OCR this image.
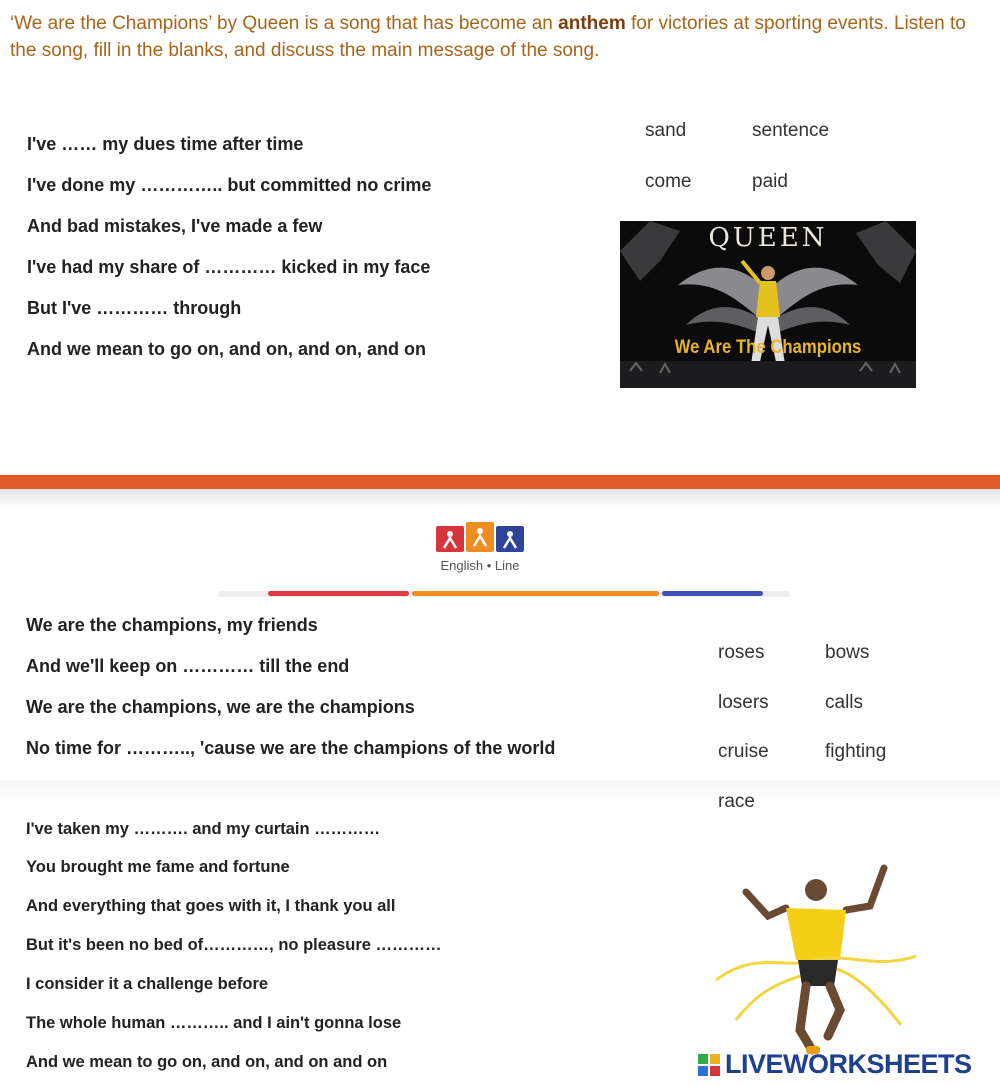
‘We are the Champions’ by Queen is a song that has become an anthem for victories at sporting events. Listen to the song, fill in the blanks, and discuss the main message of the song.

I've …… my dues time after time
I've done my ………….. but committed no crime
And bad mistakes, I've made a few
I've had my share of ………… kicked in my face
But I've ………… through
And we mean to go on, and on, and on, and on
sand	sentence
come	paid
QUEEN
We Are The Champions
English • Line
We are the champions, my friends
And we'll keep on ………… till the end
We are the champions, we are the champions
No time for ……….., 'cause we are the champions of the world
roses	bows
losers	calls
cruise	fighting
race
I've taken my ………. and my curtain …………
You brought me fame and fortune
And everything that goes with it, I thank you all
But it's been no bed of…………, no pleasure …………
I consider it a challenge before
The whole human ……….. and I ain't gonna lose
And we mean to go on, and on, and on and on	LIVEWORKSHEETS
